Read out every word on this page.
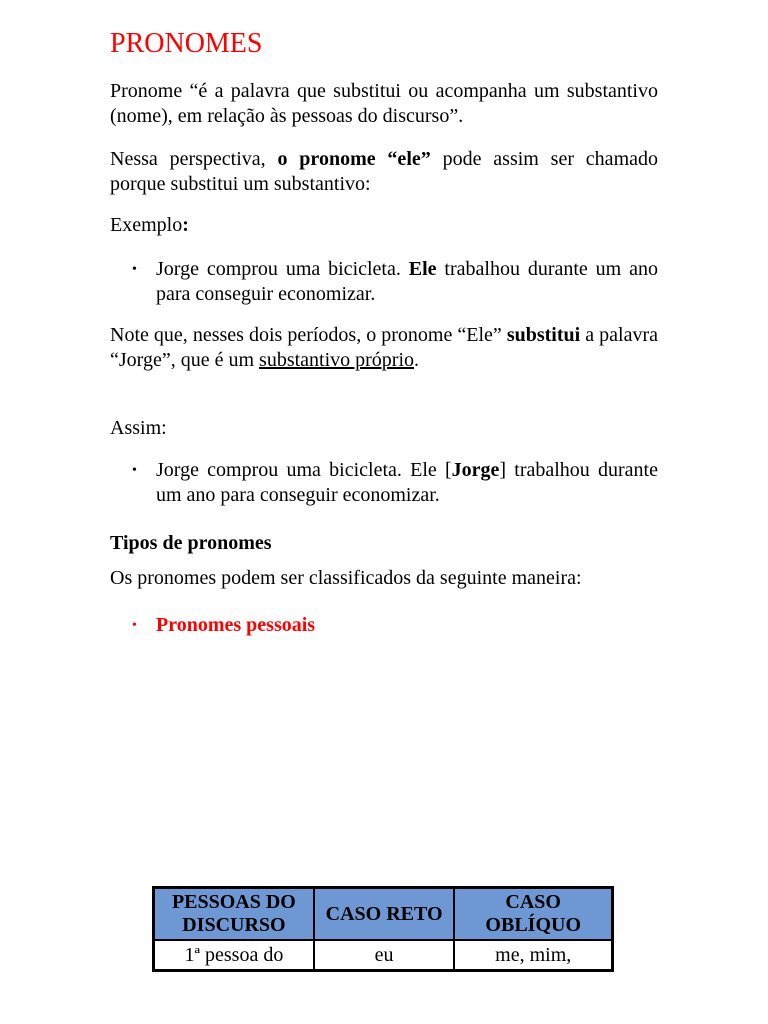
PRONOMES

Pronome “é a palavra que substitui ou acompanha um substantivo (nome), em relação às pessoas do discurso”.

Nessa perspectiva, o pronome “ele” pode assim ser chamado porque substitui um substantivo:

Exemplo:

• Jorge comprou uma bicicleta. Ele trabalhou durante um ano para conseguir economizar.

Note que, nesses dois períodos, o pronome “Ele” substitui a palavra “Jorge”, que é um substantivo próprio.

Assim:

• Jorge comprou uma bicicleta. Ele [Jorge] trabalhou durante um ano para conseguir economizar.

Tipos de pronomes

Os pronomes podem ser classificados da seguinte maneira:

• Pronomes pessoais
PESSOAS DO DISCURSO	CASO RETO	CASO OBLÍQUO
1ª pessoa do	eu	me, mim,
